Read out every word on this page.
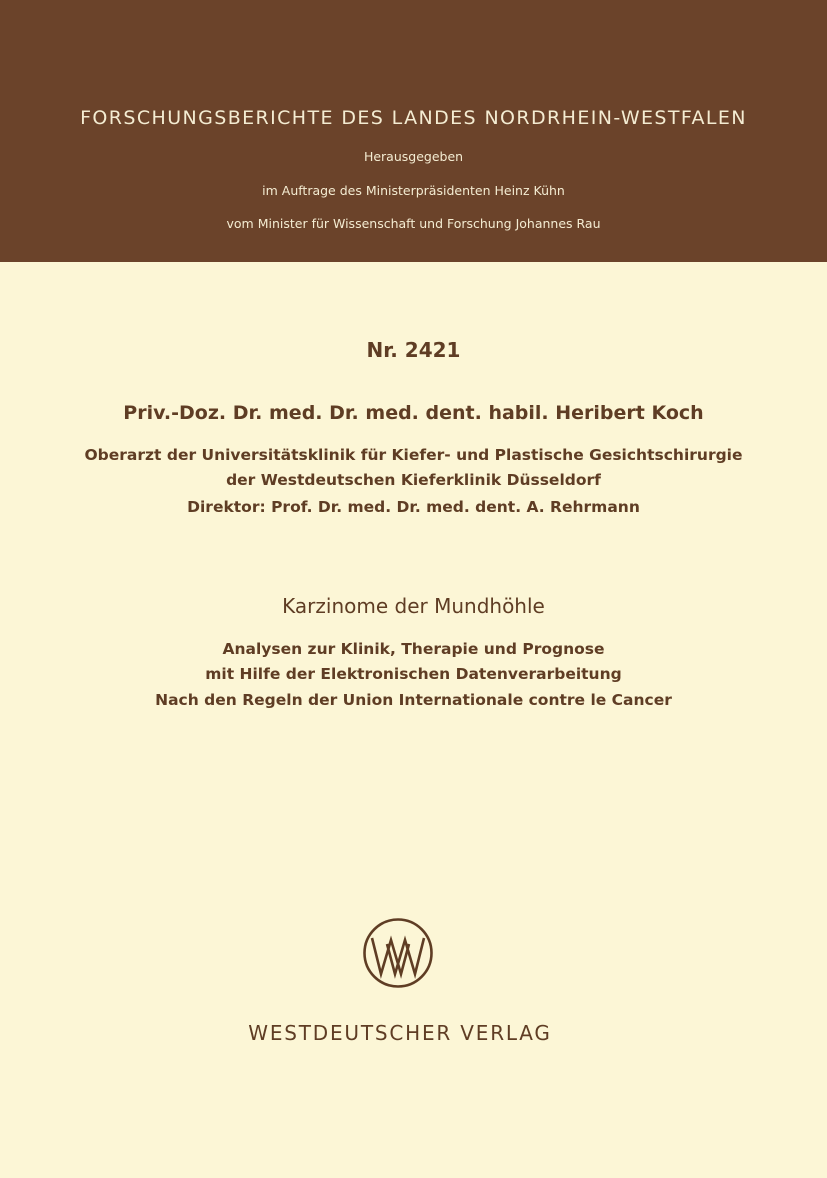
FORSCHUNGSBERICHTE DES LANDES NORDRHEIN-WESTFALEN
Herausgegeben
im Auftrage des Ministerpräsidenten Heinz Kühn
vom Minister für Wissenschaft und Forschung Johannes Rau
Nr. 2421
Priv.-Doz. Dr. med. Dr. med. dent. habil. Heribert Koch
Oberarzt der Universitätsklinik für Kiefer- und Plastische Gesichtschirurgie
der Westdeutschen Kieferklinik Düsseldorf
Direktor: Prof. Dr. med. Dr. med. dent. A. Rehrmann
Karzinome der Mundhöhle
Analysen zur Klinik, Therapie und Prognose
mit Hilfe der Elektronischen Datenverarbeitung
Nach den Regeln der Union Internationale contre le Cancer
WESTDEUTSCHER VERLAG
